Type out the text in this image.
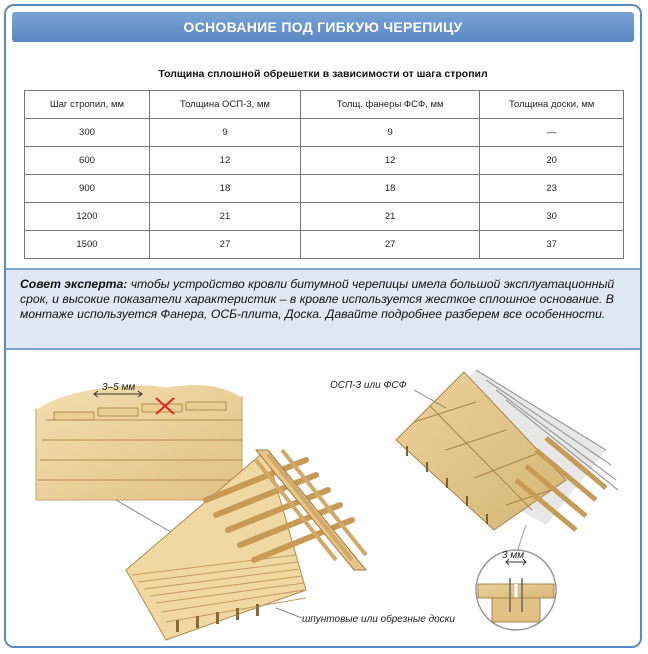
ОСНОВАНИЕ ПОД ГИБКУЮ ЧЕРЕПИЦУ
Толщина сплошной обрешетки в зависимости от шага стропил
Шаг стропил, мм	Толщина ОСП-3, мм	Толщ. фанеры ФСФ, мм	Толщина доски, мм
300	9	9	—
600	12	12	20
900	18	18	23
1200	21	21	30
1500	27	27	37
Совет эксперта: чтобы устройство кровли битумной черепицы имела большой эксплуатационный срок, и высокие показатели характеристик – в кровле используется жесткое сплошное основание. В монтаже используется Фанера, ОСБ-плита, Доска. Давайте подробнее разберем все особенности.
3–5 мм
шпунтовые или обрезные доски
ОСП-3 или ФСФ
3 мм
